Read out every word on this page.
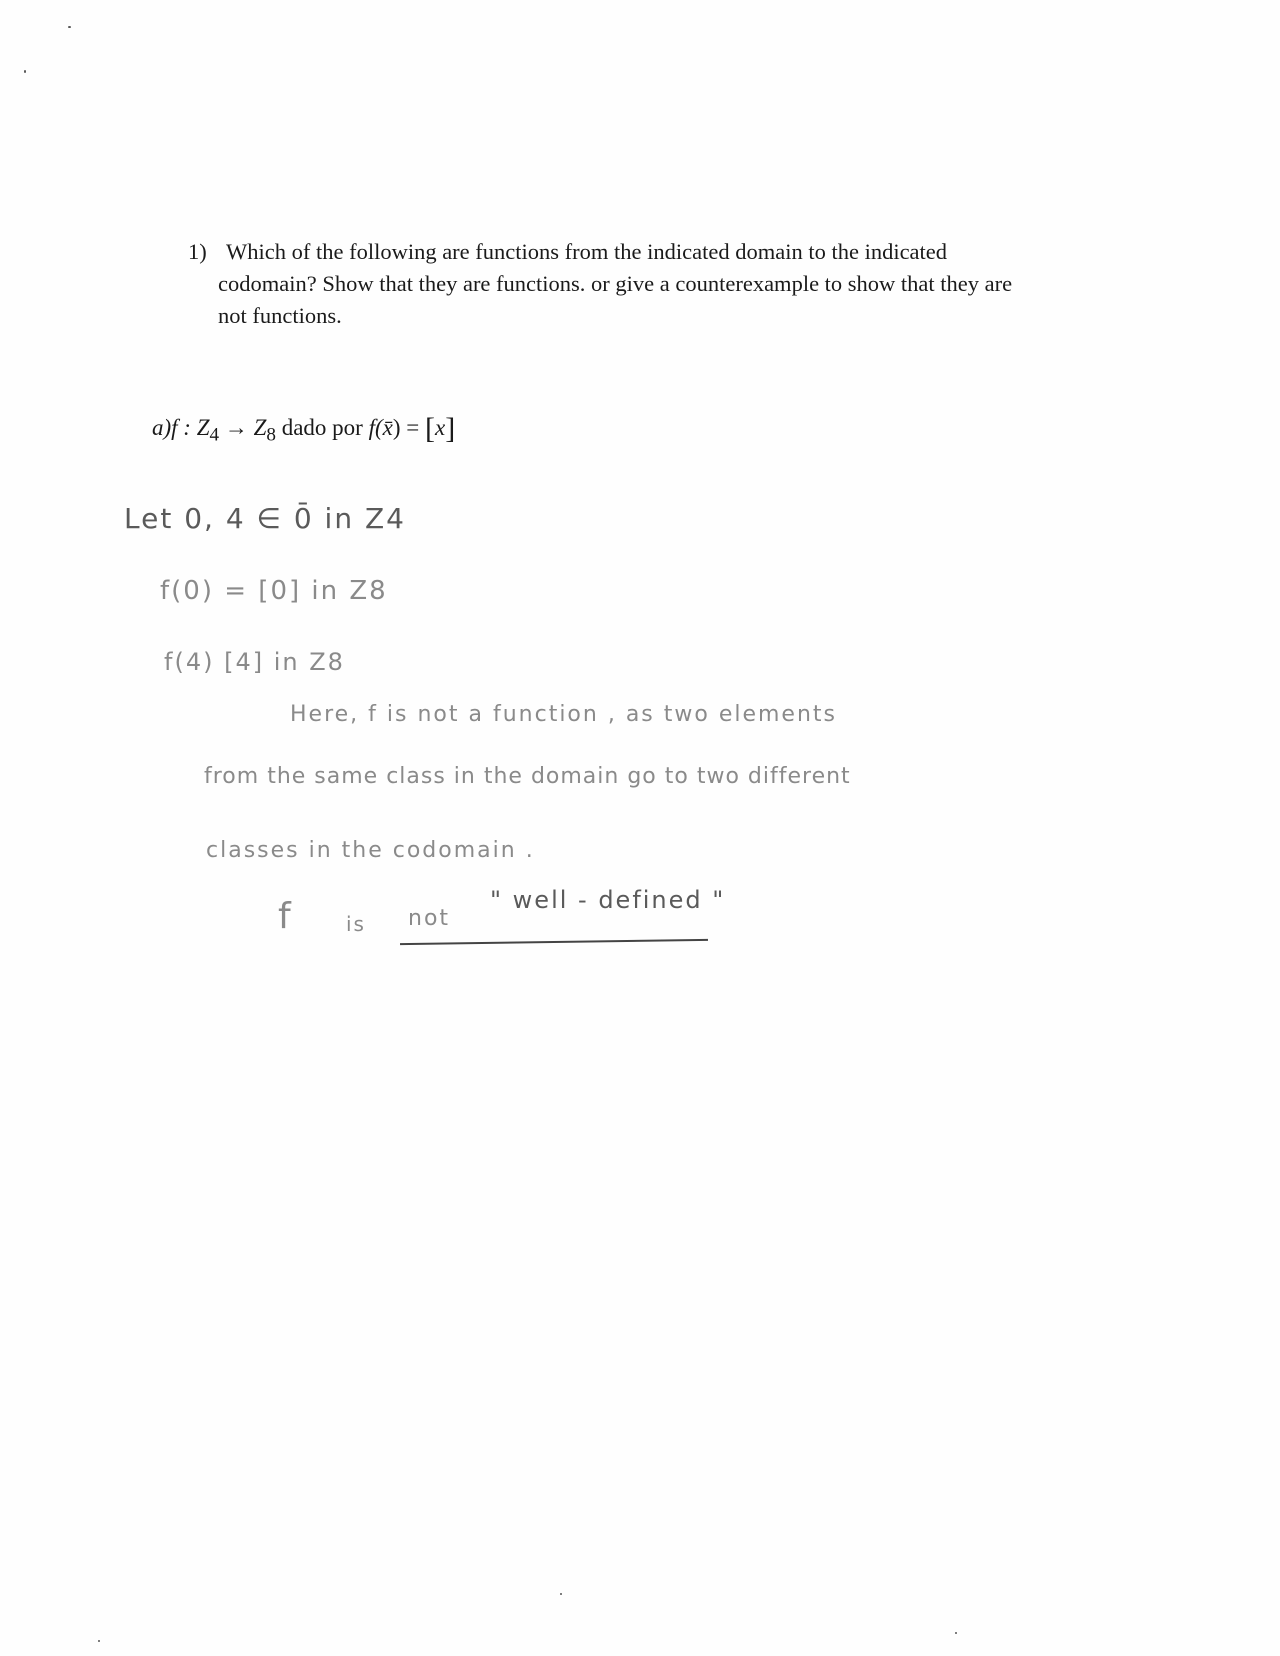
1) Which of the following are functions from the indicated domain to the indicated
codomain? Show that they are functions. or give a counterexample to show that they are
not functions.
a)f : $Z_4 \to Z_8$ dado por f(x̄) = [x]
Let 0, 4 ∈ 0̄ in Z4
f(0) = [0] in Z8
f(4) [4] in Z8
Here, f is not a function , as two elements
from the same class in the domain go to two different
classes in the codomain .
f	is not
" well - defined "
